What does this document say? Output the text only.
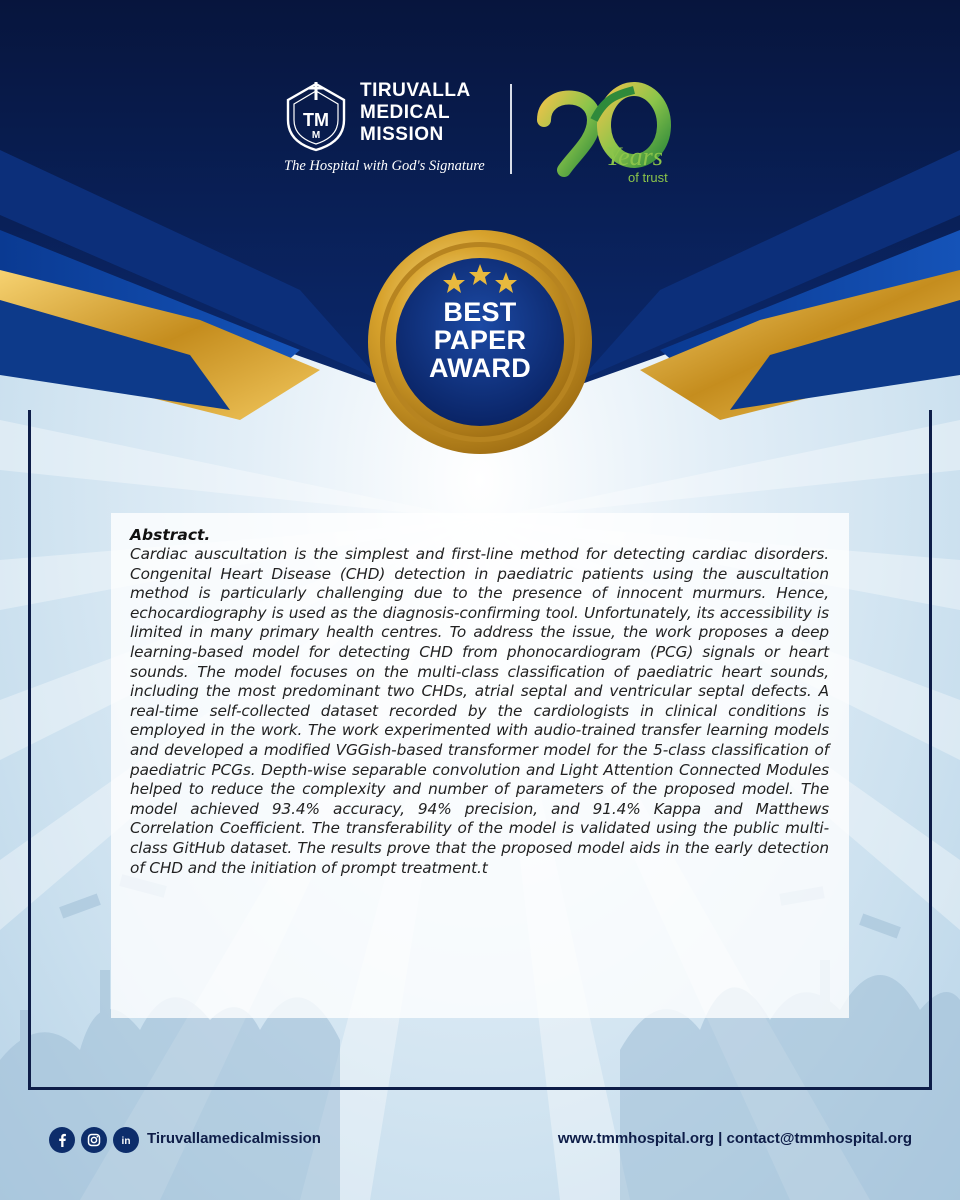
TM
M
TIRUVALLA
MEDICAL
MISSION
The Hospital with God's Signature	Years
of trust
BEST
PAPER
AWARD
Abstract.
Cardiac auscultation is the simplest and first-line method for detecting cardiac disorders. Congenital Heart Disease (CHD) detection in paediatric patients using the auscultation method is particularly challenging due to the presence of innocent murmurs. Hence, echocardiography is used as the diagnosis-confirming tool. Unfortunately, its accessibility is limited in many primary health centres. To address the issue, the work proposes a deep learning-based model for detecting CHD from phonocardiogram (PCG) signals or heart sounds. The model focuses on the multi-class classification of paediatric heart sounds, including the most predominant two CHDs, atrial septal and ventricular septal defects. A real-time self-collected dataset recorded by the cardiologists in clinical conditions is employed in the work. The work experimented with audio-trained transfer learning models and developed a modified VGGish-based transformer model for the 5-class classification of paediatric PCGs. Depth-wise separable convolution and Light Attention Connected Modules helped to reduce the complexity and number of parameters of the proposed model. The model achieved 93.4% accuracy, 94% precision, and 91.4% Kappa and Matthews Correlation Coefficient. The transferability of the model is validated using the public multi-class GitHub dataset. The results prove that the proposed model aids in the early detection of CHD and the initiation of prompt treatment.t
in Tiruvallamedicalmission	www.tmmhospital.org | contact@tmmhospital.org
